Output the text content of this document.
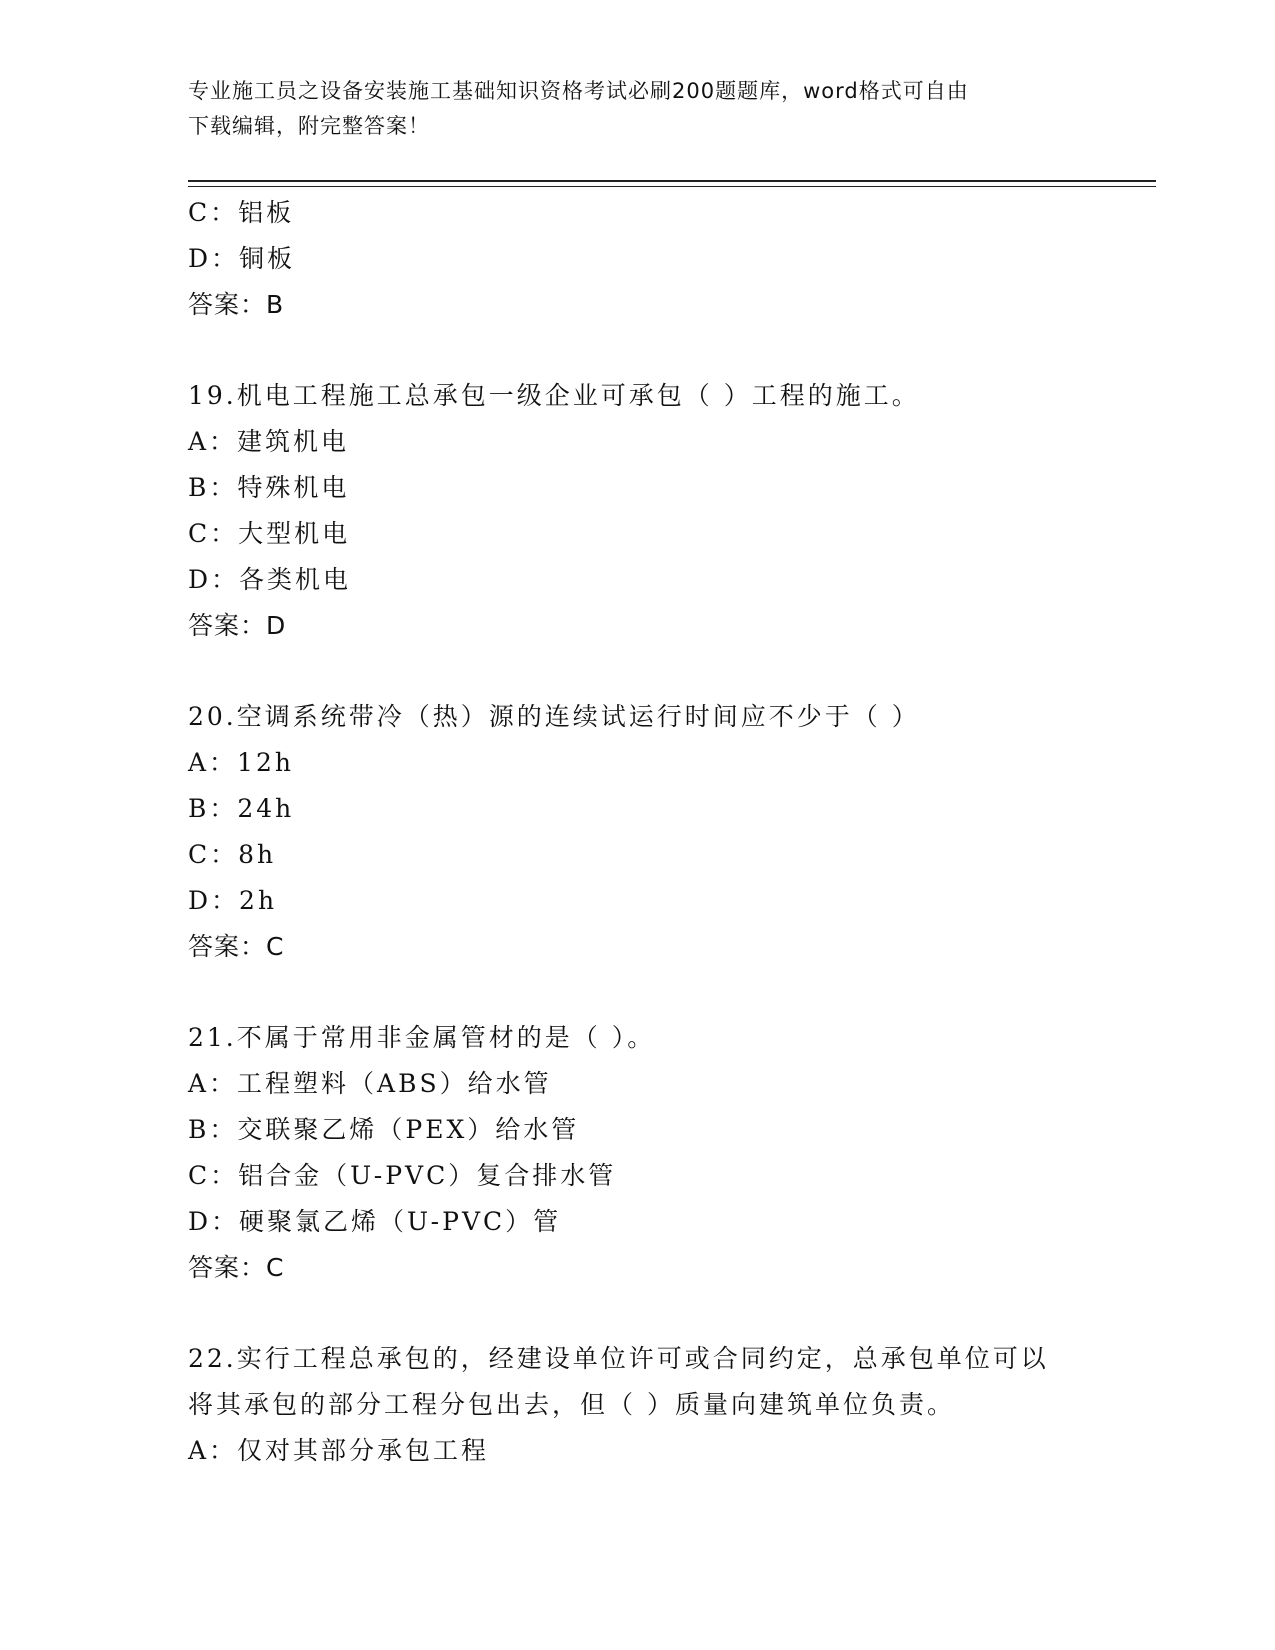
专业施工员之设备安装施工基础知识资格考试必刷200题题库，word格式可自由
下载编辑，附完整答案！
C：铝板
D：铜板
答案：B
19.机电工程施工总承包一级企业可承包（ ）工程的施工。
A：建筑机电
B：特殊机电
C：大型机电
D：各类机电
答案：D
20.空调系统带冷（热）源的连续试运行时间应不少于（ ）
A：12h
B：24h
C：8h
D：2h
答案：C
21.不属于常用非金属管材的是（ ）。
A：工程塑料（ABS）给水管
B：交联聚乙烯（PEX）给水管
C：铝合金（U-PVC）复合排水管
D：硬聚氯乙烯（U-PVC）管
答案：C
22.实行工程总承包的，经建设单位许可或合同约定，总承包单位可以
将其承包的部分工程分包出去，但（ ）质量向建筑单位负责。
A：仅对其部分承包工程
